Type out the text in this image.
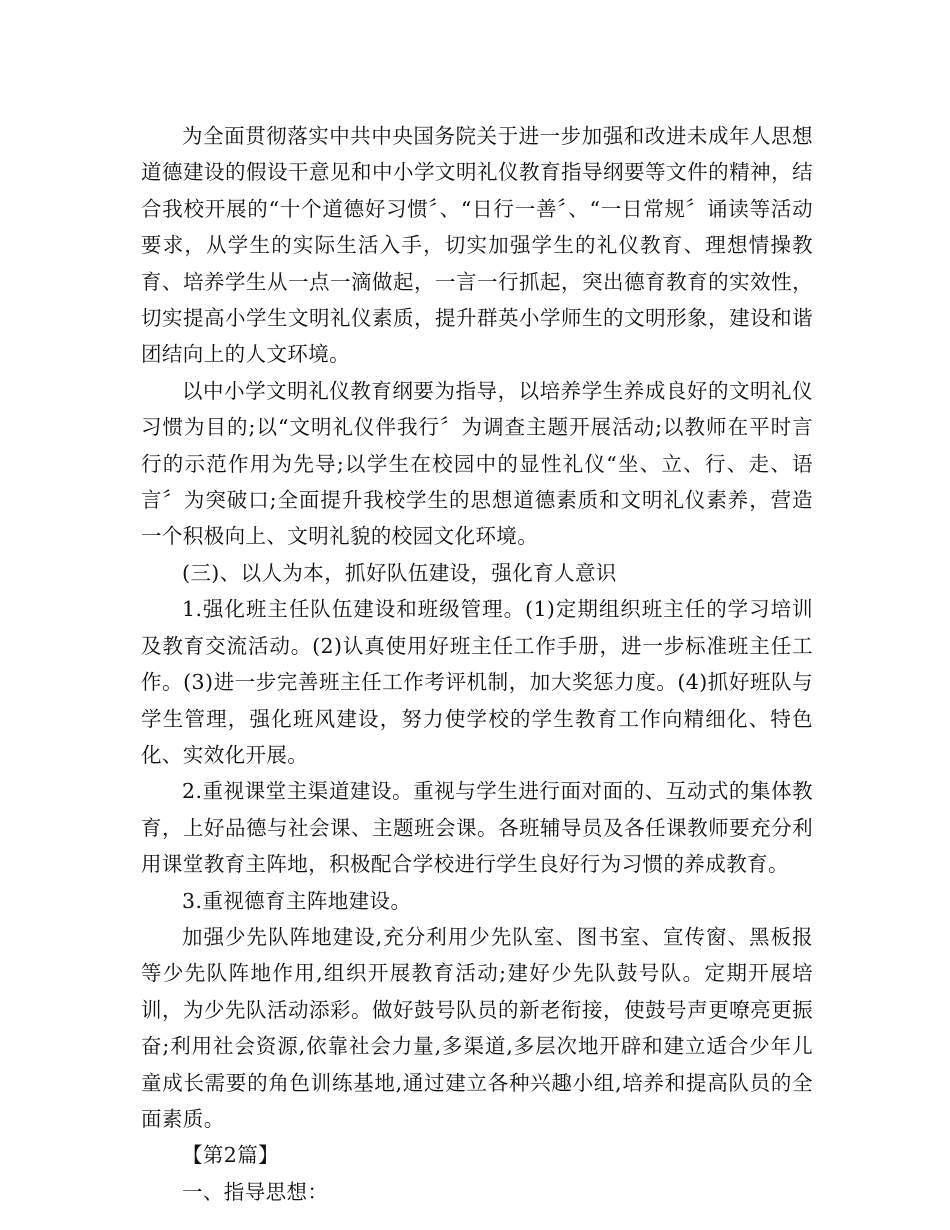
为全面贯彻落实中共中央国务院关于进一步加强和改进未成年人思想道德建设的假设干意见和中小学文明礼仪教育指导纲要等文件的精神，结合我校开展的“十个道德好习惯〞、“日行一善〞、“一日常规〞诵读等活动要求，从学生的实际生活入手，切实加强学生的礼仪教育、理想情操教育、培养学生从一点一滴做起，一言一行抓起，突出德育教育的实效性，切实提高小学生文明礼仪素质，提升群英小学师生的文明形象，建设和谐团结向上的人文环境。

以中小学文明礼仪教育纲要为指导，以培养学生养成良好的文明礼仪习惯为目的;以“文明礼仪伴我行〞为调查主题开展活动;以教师在平时言行的示范作用为先导;以学生在校园中的显性礼仪“坐、立、行、走、语言〞为突破口;全面提升我校学生的思想道德素质和文明礼仪素养，营造一个积极向上、文明礼貌的校园文化环境。

(三)、以人为本，抓好队伍建设，强化育人意识

1.强化班主任队伍建设和班级管理。(1)定期组织班主任的学习培训及教育交流活动。(2)认真使用好班主任工作手册，进一步标准班主任工作。(3)进一步完善班主任工作考评机制，加大奖惩力度。(4)抓好班队与学生管理，强化班风建设，努力使学校的学生教育工作向精细化、特色化、实效化开展。

2.重视课堂主渠道建设。重视与学生进行面对面的、互动式的集体教育，上好品德与社会课、主题班会课。各班辅导员及各任课教师要充分利用课堂教育主阵地，积极配合学校进行学生良好行为习惯的养成教育。

3.重视德育主阵地建设。

加强少先队阵地建设,充分利用少先队室、图书室、宣传窗、黑板报等少先队阵地作用,组织开展教育活动;建好少先队鼓号队。定期开展培训，为少先队活动添彩。做好鼓号队员的新老衔接，使鼓号声更嘹亮更振奋;利用社会资源,依靠社会力量,多渠道,多层次地开辟和建立适合少年儿童成长需要的角色训练基地,通过建立各种兴趣小组,培养和提高队员的全面素质。

【第2篇】

一、指导思想：
